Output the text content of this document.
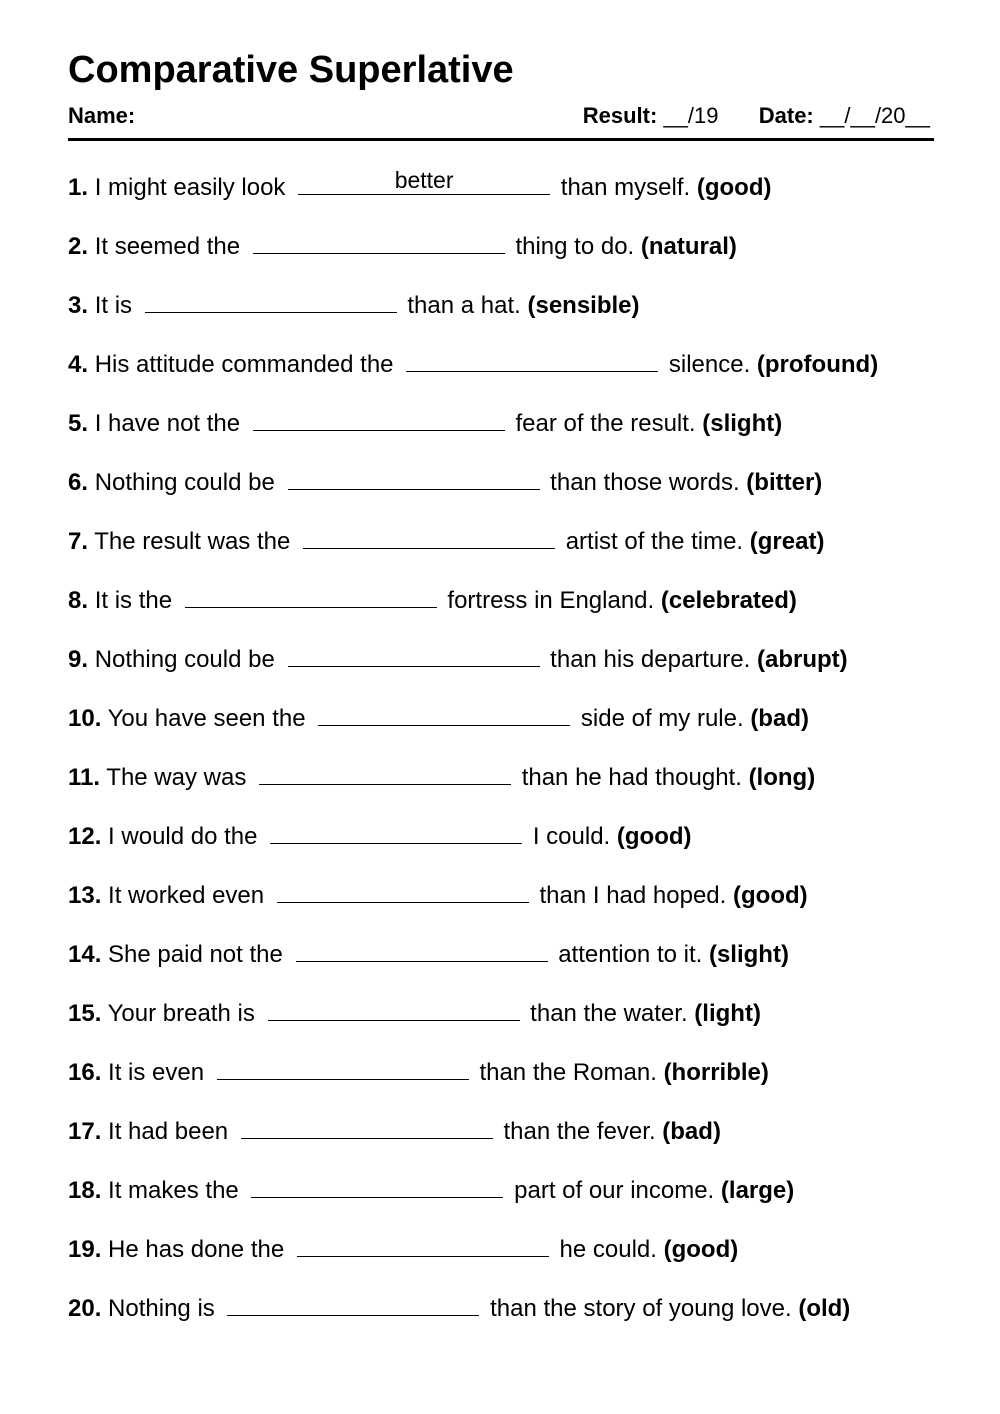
Comparative Superlative
Name:	Result: __/19 Date: __/__/20__
1. I might easily look	better	than myself. (good)
2. It seemed the	thing to do. (natural)
3. It is	than a hat. (sensible)
4. His attitude commanded the	silence. (profound)
5. I have not the	fear of the result. (slight)
6. Nothing could be	than those words. (bitter)
7. The result was the	artist of the time. (great)
8. It is the	fortress in England. (celebrated)
9. Nothing could be	than his departure. (abrupt)
10. You have seen the	side of my rule. (bad)
11. The way was	than he had thought. (long)
12. I would do the	I could. (good)
13. It worked even	than I had hoped. (good)
14. She paid not the	attention to it. (slight)
15. Your breath is	than the water. (light)
16. It is even	than the Roman. (horrible)
17. It had been	than the fever. (bad)
18. It makes the	part of our income. (large)
19. He has done the	he could. (good)
20. Nothing is	than the story of young love. (old)
